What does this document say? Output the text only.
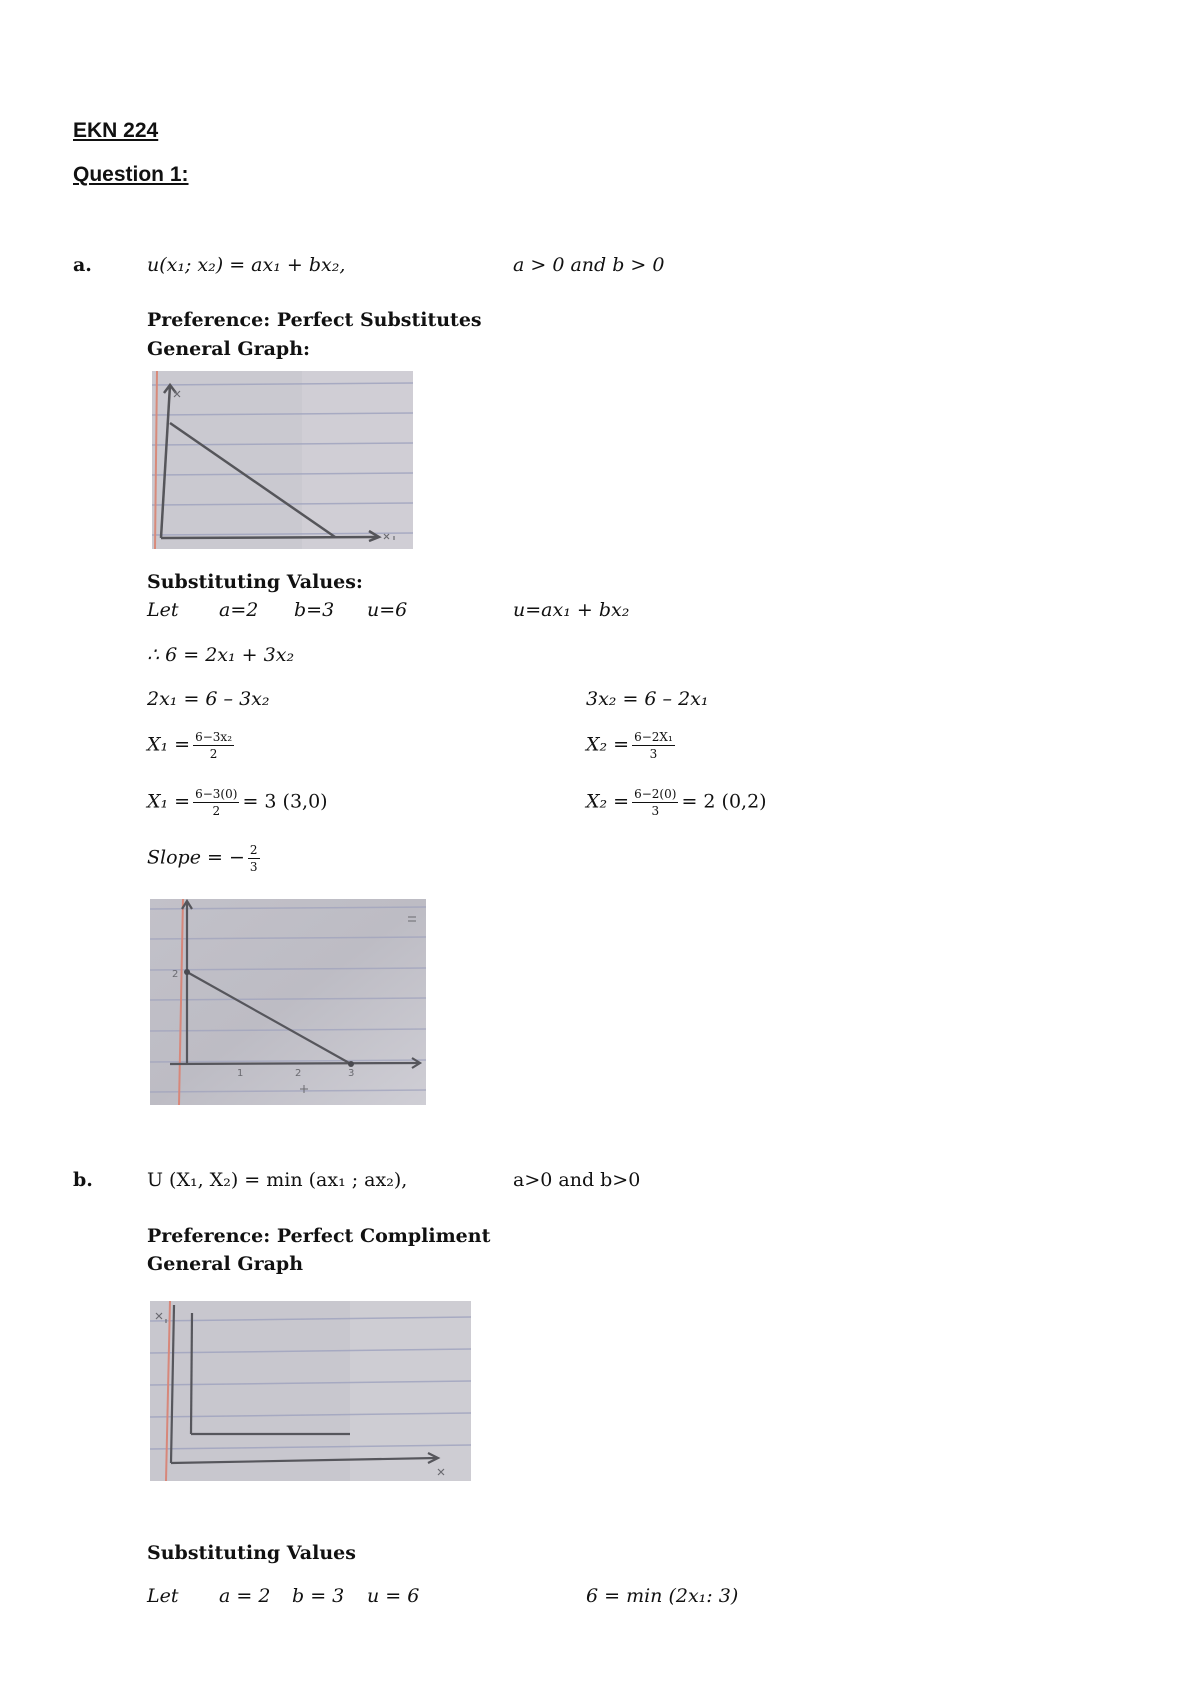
EKN 224
Question 1:
a.	u(x₁; x₂) = ax₁ + bx₂,	a > 0 and b > 0
Preference: Perfect Substitutes
General Graph:
Substituting Values:
Let a=2 b=3 u=6	u=ax₁ + bx₂
∴ 6 = 2x₁ + 3x₂
2x₁ = 6 – 3x₂	3x₂ = 6 – 2x₁
$X_1 = \frac{\text{6−3x₂}}{2}$	$X_2 = \frac{\text{6−2X₁}}{3}$
$X_1 = \frac{6-3(0)}{2} = 3$ (3,0)	$X_2 = \frac{6-2(0)}{3} = 2$ (0,2)
Slope = − $\frac{2}{3}$
2
1	2	3
b.	U (X₁, X₂) = min (ax₁ ; ax₂),	a>0 and b>0
Preference: Perfect Compliment
General Graph
Substituting Values
Let a = 2 b = 3 u = 6	6 = min (2x₁: 3)
